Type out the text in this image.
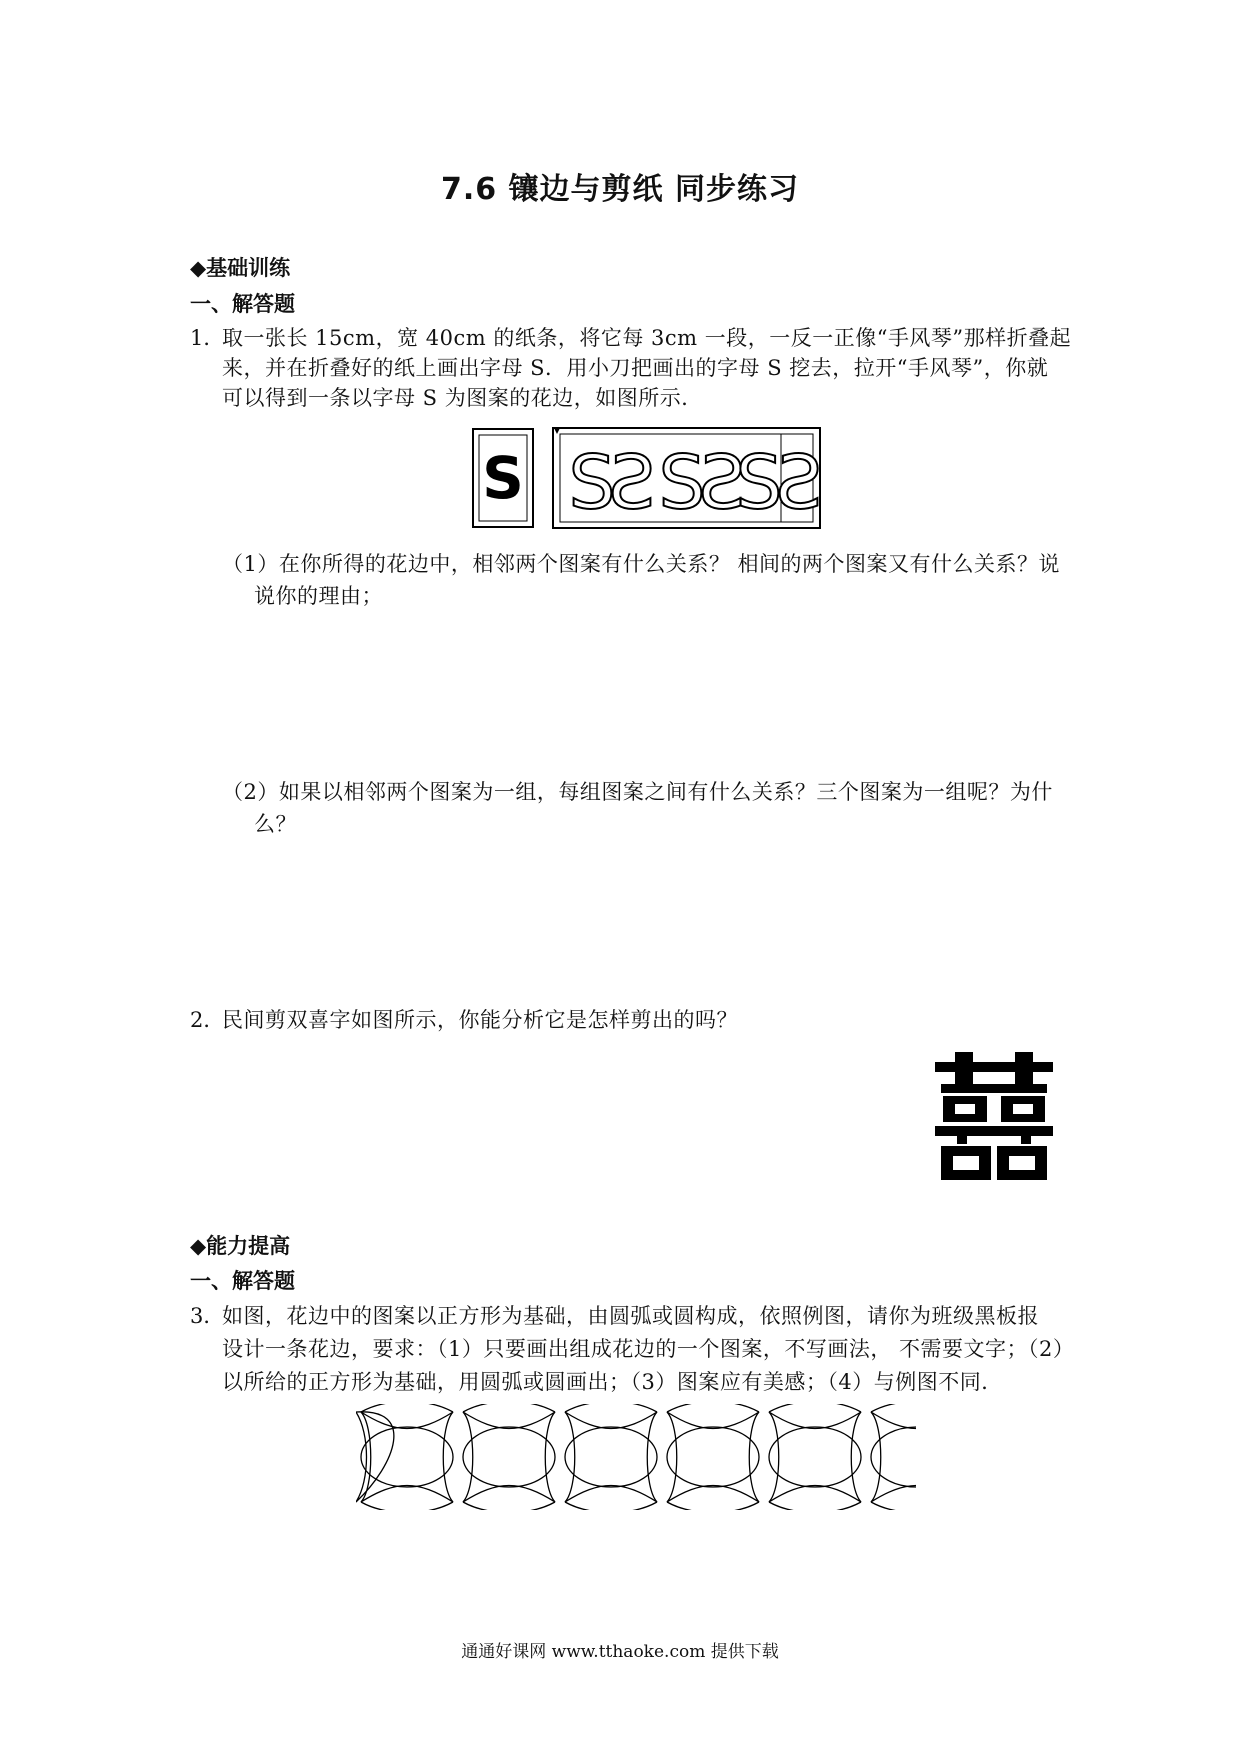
7.6 镶边与剪纸 同步练习
◆基础训练
一、解答题
1．
取一张长 15cm，宽 40cm 的纸条，将它每 3cm 一段，一反一正像“手风琴”那样折叠起
来，并在折叠好的纸上画出字母 S．用小刀把画出的字母 S 挖去，拉开“手风琴”，你就
可以得到一条以字母 S 为图案的花边，如图所示．
S S
S S
S
S
S
（1）在你所得的花边中，相邻两个图案有什么关系？ 相间的两个图案又有什么关系？说
说你的理由；
（2）如果以相邻两个图案为一组，每组图案之间有什么关系？三个图案为一组呢？为什
么？
2．
民间剪双喜字如图所示，你能分析它是怎样剪出的吗？
◆能力提高
一、解答题
3．
如图，花边中的图案以正方形为基础，由圆弧或圆构成，依照例图，请你为班级黑板报
设计一条花边，要求：（1）只要画出组成花边的一个图案，不写画法， 不需要文字；（2）
以所给的正方形为基础，用圆弧或圆画出；（3）图案应有美感；（4）与例图不同．
通通好课网 www.tthaoke.com 提供下载
